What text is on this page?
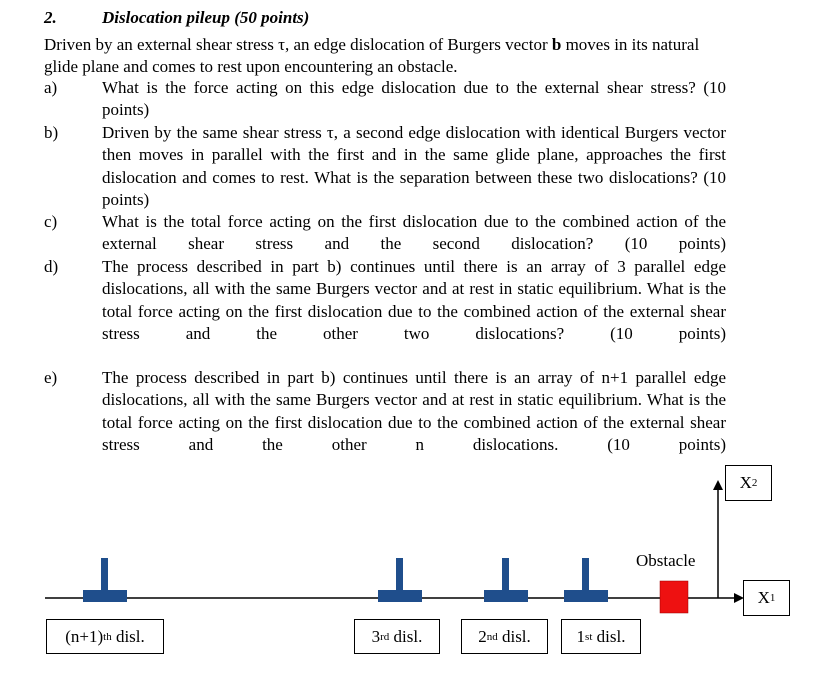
2.	Dislocation pileup (50 points)
Driven by an external shear stress τ, an edge dislocation of Burgers vector b moves in its natural glide plane and comes to rest upon encountering an obstacle.
a)	What is the force acting on this edge dislocation due to the external shear stress? (10 points)
b)	Driven by the same shear stress τ, a second edge dislocation with identical Burgers vector then moves in parallel with the first and in the same glide plane, approaches the first dislocation and comes to rest. What is the separation between these two dislocations? (10 points)
c)	What is the total force acting on the first dislocation due to the combined action of the external shear stress and the second dislocation? (10 points)
d)	The process described in part b) continues until there is an array of 3 parallel edge dislocations, all with the same Burgers vector and at rest in static equilibrium. What is the total force acting on the first dislocation due to the combined action of the external shear stress and the other two dislocations? (10 points)
e)	The process described in part b) continues until there is an array of n+1 parallel edge dislocations, all with the same Burgers vector and at rest in static equilibrium. What is the total force acting on the first dislocation due to the combined action of the external shear stress and the other n dislocations. (10 points)
Obstacle
X 2
X 1
(n+1) th disl.	3 rd disl.	2 nd disl.	1 st disl.
